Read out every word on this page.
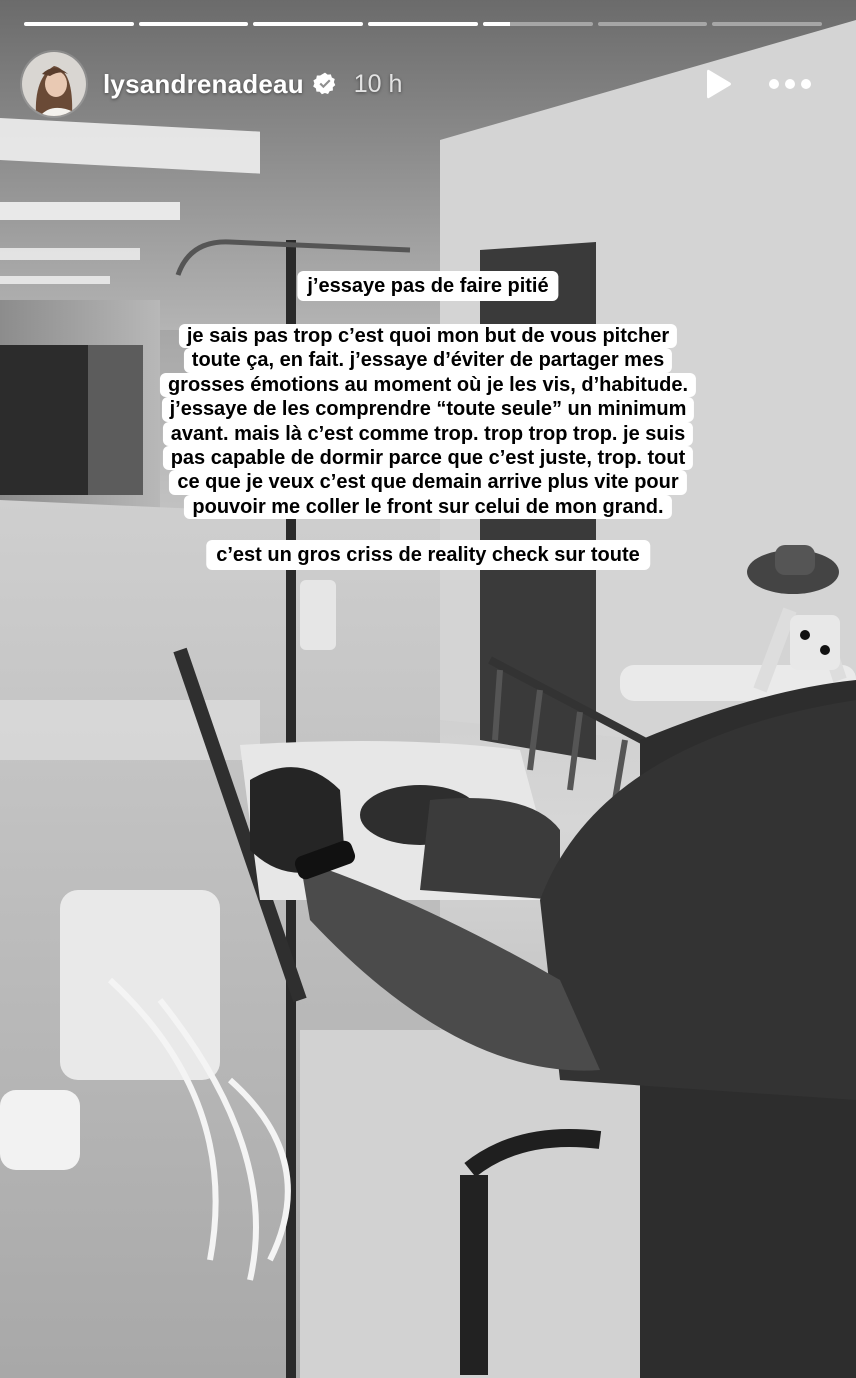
lysandrenadeau 10 h
j’essaye pas de faire pitié
je sais pas trop c’est quoi mon but de vous pitcher
toute ça, en fait. j’essaye d’éviter de partager mes
grosses émotions au moment où je les vis, d’habitude.
j’essaye de les comprendre “toute seule” un minimum
avant. mais là c’est comme trop. trop trop trop. je suis
pas capable de dormir parce que c’est juste, trop. tout
ce que je veux c’est que demain arrive plus vite pour
pouvoir me coller le front sur celui de mon grand.
c’est un gros criss de reality check sur toute
